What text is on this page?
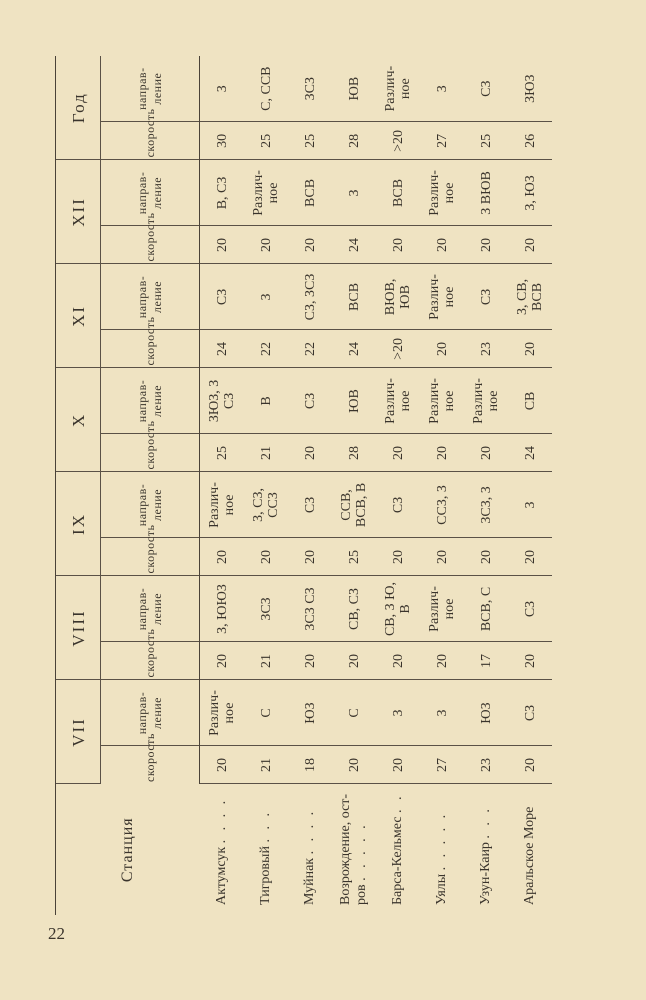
22
Станция	VII		VIII		IX		X		XI		XII		Год	
	скорость	направ-ление	скорость	направ-ление	скорость	направ-ление	скорость	направ-ление	скорость	направ-ление	скорость	направ-ление	скорость	направ-ление
Актумсук . . . .	20	Различ-ное	20	З, ЮЮЗ	20	Различ-ное	25	ЗЮЗ, З СЗ	24	СЗ	20	В, СЗ	30	З
Тигровый . . .	21	С	21	ЗСЗ	20	З, СЗ, ССЗ	21	В	22	З	20	Различ-ное	25	С, ССВ
Муйнак . . . .	18	ЮЗ	20	ЗСЗ СЗ	20	СЗ	20	СЗ	22	СЗ, ЗСЗ	20	ВСВ	25	ЗСЗ
Возрождение, ост-ров . . . . .	20	С	20	СВ, СЗ	25	ССВ, ВСВ, В	28	ЮВ	24	ВСВ	24	З	28	ЮВ
Барса-Кельмес . .	20	З	20	СВ, З Ю, В	20	СЗ	20	Различ-ное	>20	ВЮВ, ЮВ	20	ВСВ	>20	Различ-ное
Уялы . . . . .	27	З	20	Различ-ное	20	ССЗ, З	20	Различ-ное	20	Различ-ное	20	Различ-ное	27	З
Узун-Каир . . .	23	ЮЗ	17	ВСВ, С	20	ЗСЗ, З	20	Различ-ное	23	СЗ	20	З ВЮВ	25	СЗ
Аральское Море	20	СЗ	20	СЗ	20	З	24	СВ	20	З, СВ, ВСВ	20	З, ЮЗ	26	ЗЮЗ
